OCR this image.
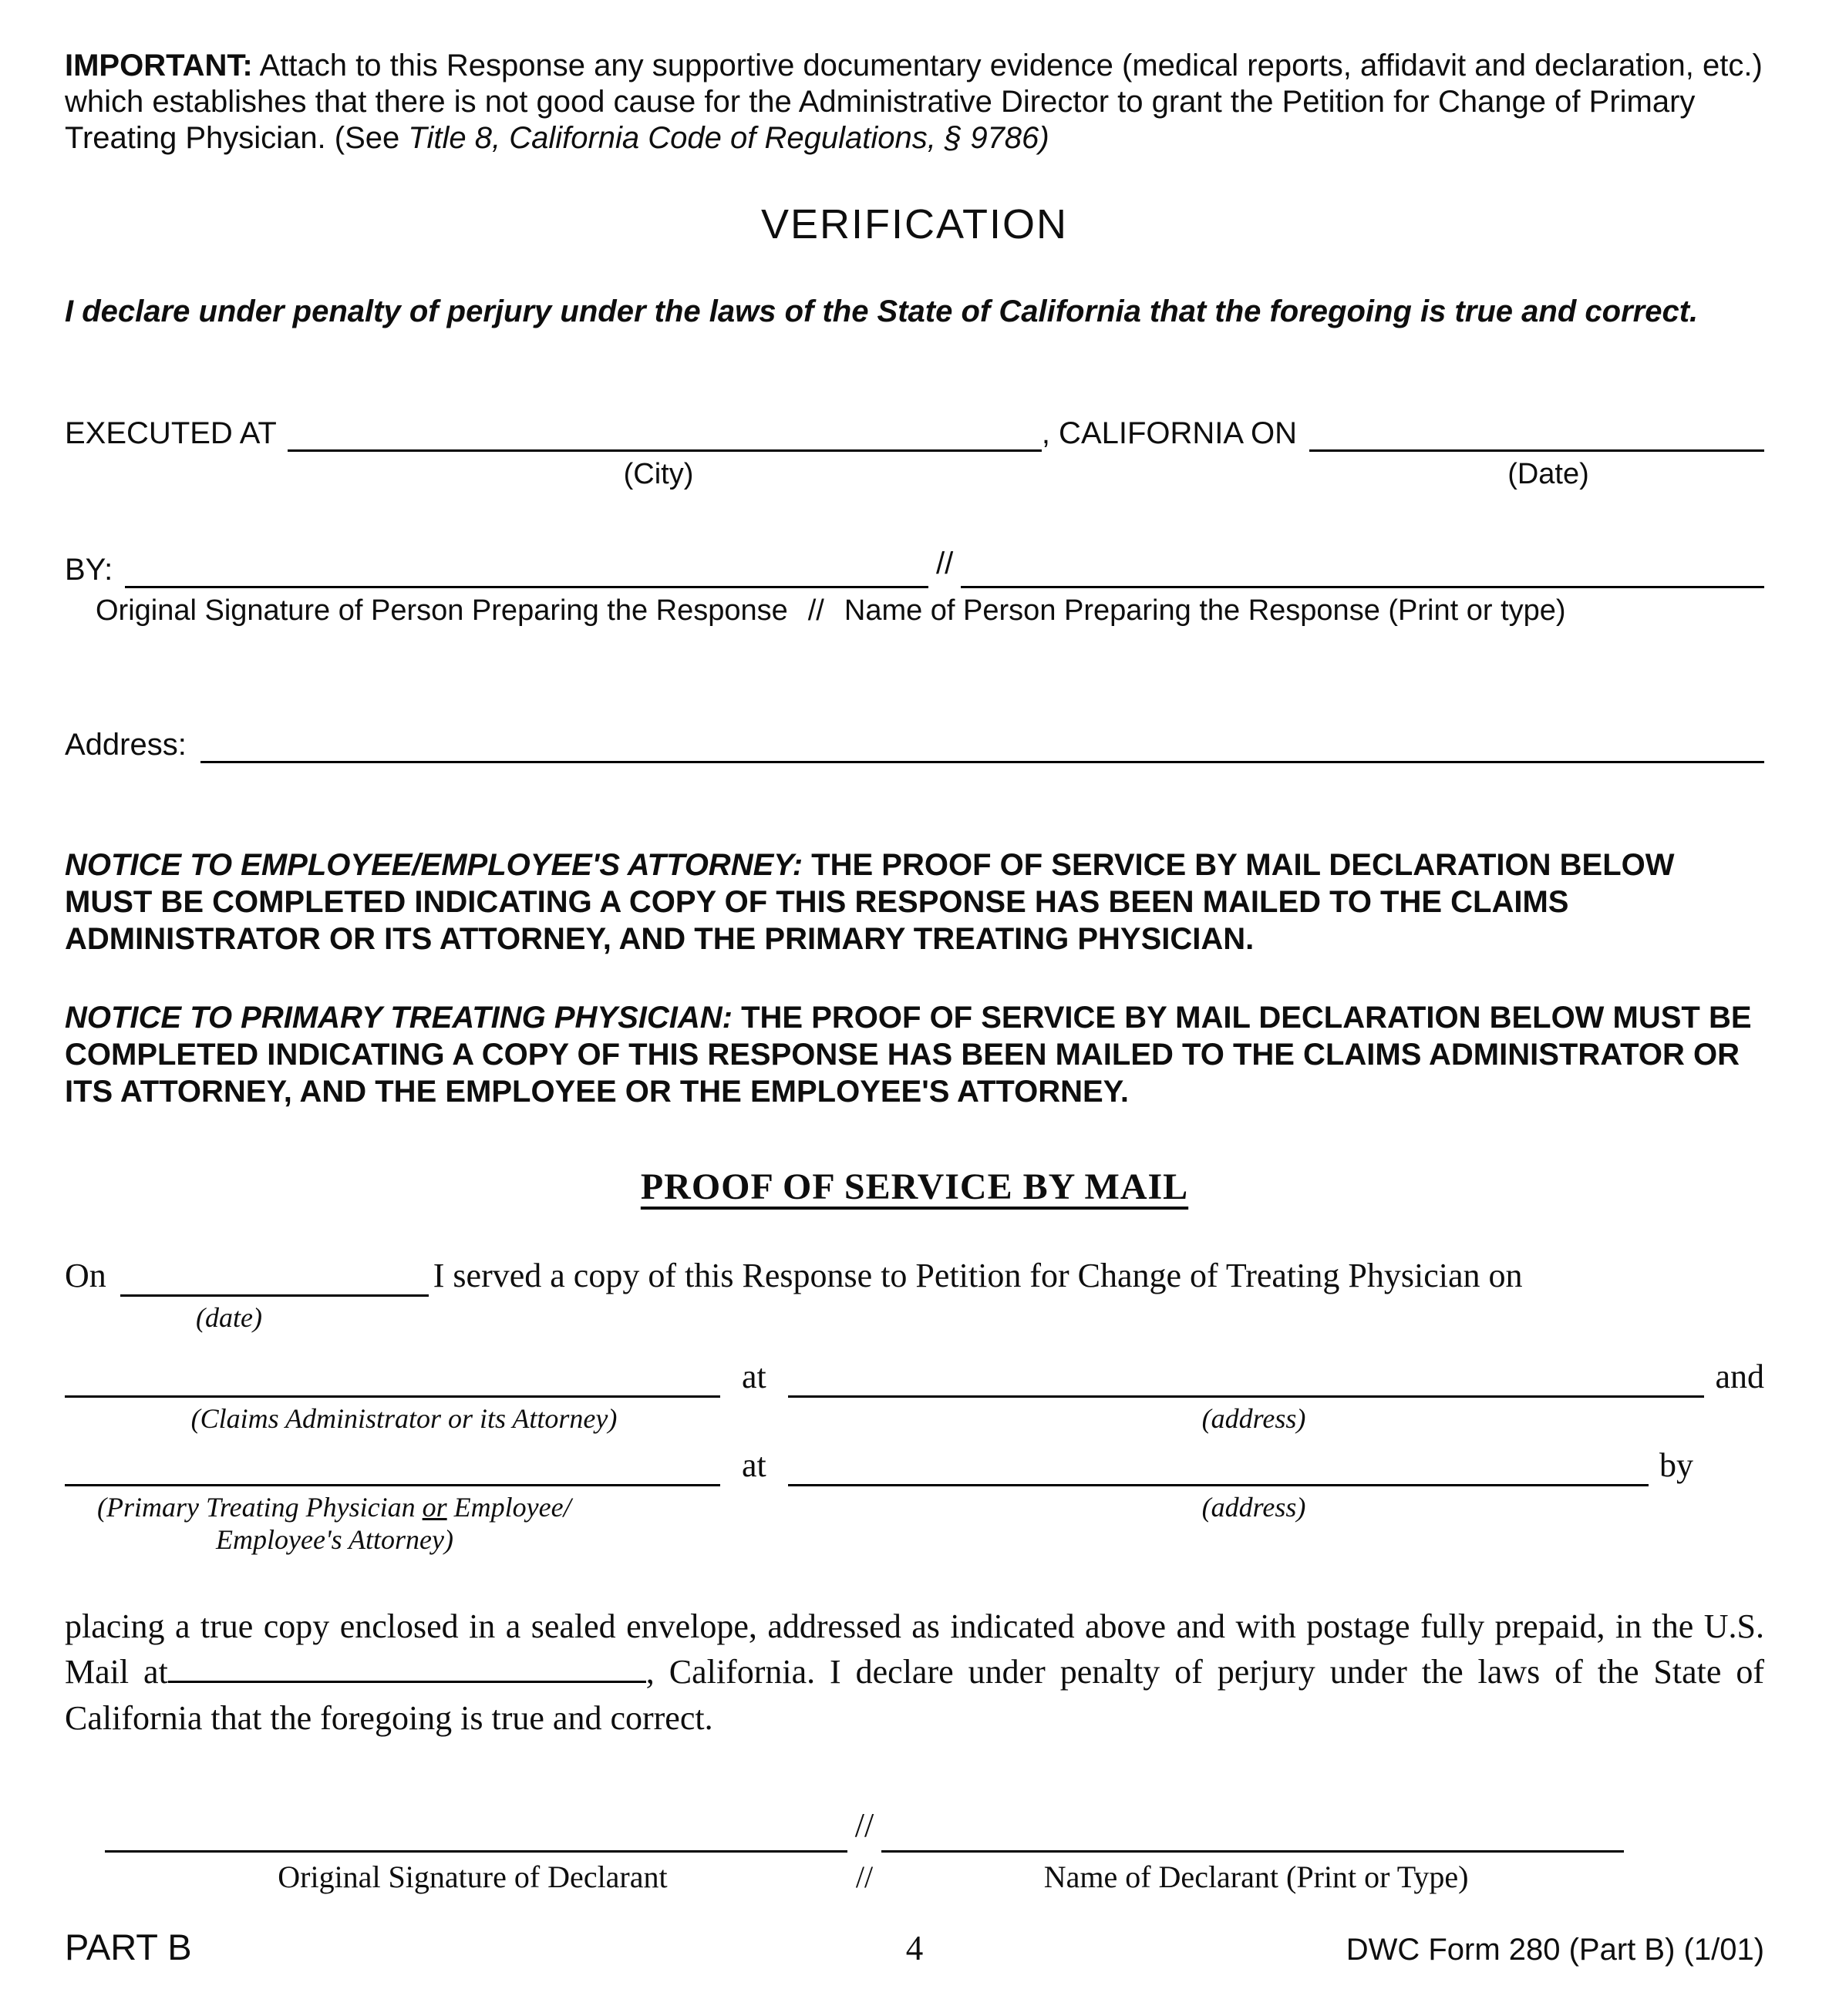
IMPORTANT: Attach to this Response any supportive documentary evidence (medical reports, affidavit and declaration, etc.) which establishes that there is not good cause for the Administrative Director to grant the Petition for Change of Primary Treating Physician. (See Title 8, California Code of Regulations, § 9786)

VERIFICATION

I declare under penalty of perjury under the laws of the State of California that the foregoing is true and correct.

EXECUTED AT	, CALIFORNIA ON
(City)	(Date)
BY:	//
Original Signature of Person Preparing the Response // Name of Person Preparing the Response (Print or type)
Address:

NOTICE TO EMPLOYEE/EMPLOYEE'S ATTORNEY: THE PROOF OF SERVICE BY MAIL DECLARATION BELOW MUST BE COMPLETED INDICATING A COPY OF THIS RESPONSE HAS BEEN MAILED TO THE CLAIMS ADMINISTRATOR OR ITS ATTORNEY, AND THE PRIMARY TREATING PHYSICIAN.

NOTICE TO PRIMARY TREATING PHYSICIAN: THE PROOF OF SERVICE BY MAIL DECLARATION BELOW MUST BE COMPLETED INDICATING A COPY OF THIS RESPONSE HAS BEEN MAILED TO THE CLAIMS ADMINISTRATOR OR ITS ATTORNEY, AND THE EMPLOYEE OR THE EMPLOYEE'S ATTORNEY.

PROOF OF SERVICE BY MAIL
On	I served a copy of this Response to Petition for Change of Treating Physician on
(date)
at	and
(Claims Administrator or its Attorney)	(address)
at	by
(Primary Treating Physician or Employee/
Employee's Attorney)
(address)

placing a true copy enclosed in a sealed envelope, addressed as indicated above and with postage fully prepaid, in the U.S. Mail at	, California. I declare under penalty of perjury under the laws of the State of California that the foregoing is true and correct.

//
Original Signature of Declarant	//	Name of Declarant (Print or Type)
PART B	4	DWC Form 280 (Part B) (1/01)
